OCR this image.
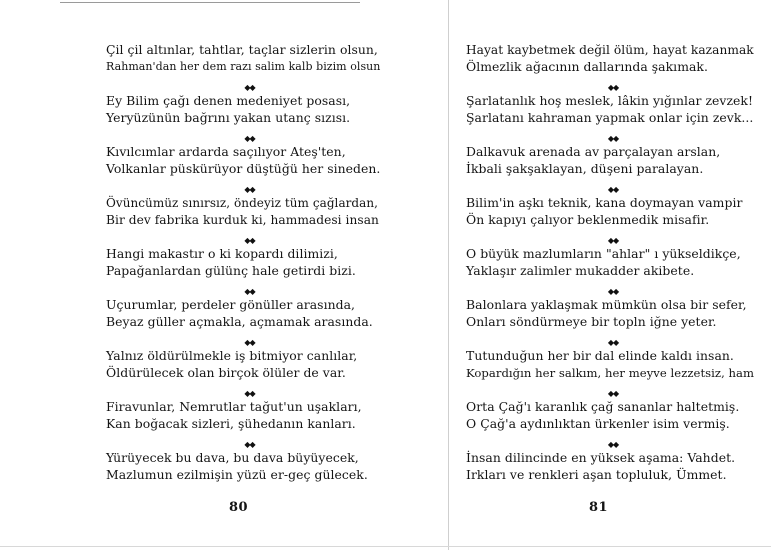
Çil çil altınlar, tahtlar, taçlar sizlerin olsun,
Rahman'dan her dem razı salim kalb bizim olsun
◆◆
Ey Bilim çağı denen medeniyet posası,
Yeryüzünün bağrını yakan utanç sızısı.
◆◆
Kıvılcımlar ardarda saçılıyor Ateş'ten,
Volkanlar püskürüyor düştüğü her sineden.
◆◆
Övüncümüz sınırsız, öndeyiz tüm çağlardan,
Bir dev fabrika kurduk ki, hammadesi insan
◆◆
Hangi makastır o ki kopardı dilimizi,
Papağanlardan gülünç hale getirdi bizi.
◆◆
Uçurumlar, perdeler gönüller arasında,
Beyaz güller açmakla, açmamak arasında.
◆◆
Yalnız öldürülmekle iş bitmiyor canlılar,
Öldürülecek olan birçok ölüler de var.
◆◆
Firavunlar, Nemrutlar tağut'un uşakları,
Kan boğacak sizleri, şühedanın kanları.
◆◆
Yürüyecek bu dava, bu dava büyüyecek,
Mazlumun ezilmişin yüzü er-geç gülecek.
Hayat kaybetmek değil ölüm, hayat kazanmak
Ölmezlik ağacının dallarında şakımak.
◆◆
Şarlatanlık hoş meslek, lâkin yığınlar zevzek!
Şarlatanı kahraman yapmak onlar için zevk...
◆◆
Dalkavuk arenada av parçalayan arslan,
İkbali şakşaklayan, düşeni paralayan.
◆◆
Bilim'in aşkı teknik, kana doymayan vampir
Ön kapıyı çalıyor beklenmedik misafir.
◆◆
O büyük mazlumların "ahlar" ı yükseldikçe,
Yaklaşır zalimler mukadder akibete.
◆◆
Balonlara yaklaşmak mümkün olsa bir sefer,
Onları söndürmeye bir topln iğne yeter.
◆◆
Tutunduğun her bir dal elinde kaldı insan.
Kopardığın her salkım, her meyve lezzetsiz, ham
◆◆
Orta Çağ'ı karanlık çağ sananlar haltetmiş.
O Çağ'a aydınlıktan ürkenler isim vermiş.
◆◆
İnsan dilincinde en yüksek aşama: Vahdet.
Irkları ve renkleri aşan topluluk, Ümmet.
80	81
